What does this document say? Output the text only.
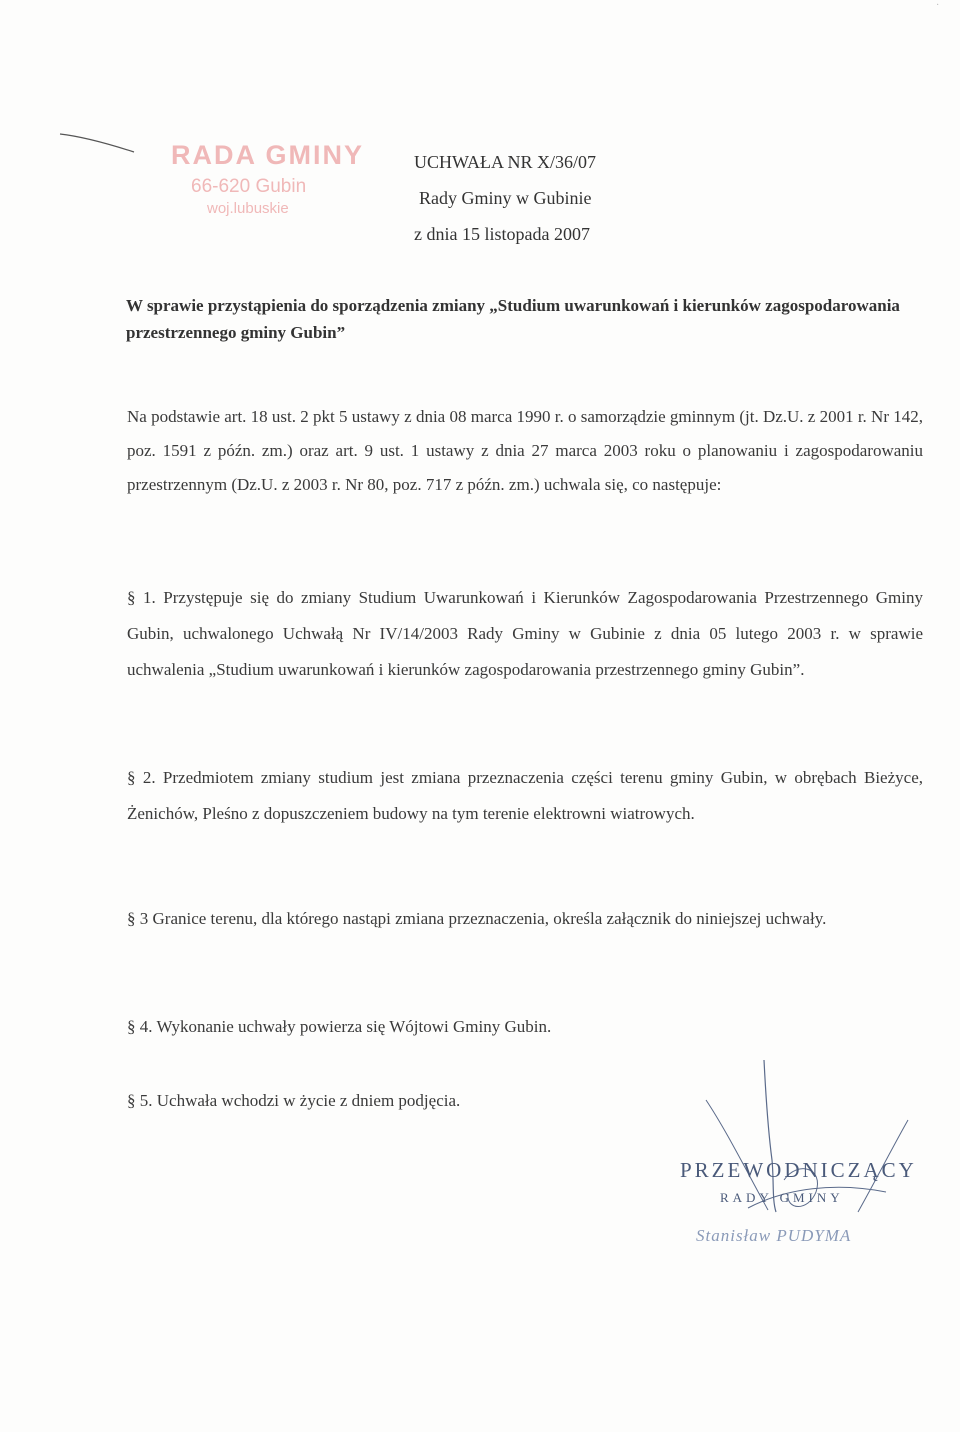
·
RADA GMINY
66-620 Gubin
woj.lubuskie
UCHWAŁA NR X/36/07
Rady Gminy w Gubinie
z dnia 15 listopada 2007
W sprawie przystąpienia do sporządzenia zmiany „Studium uwarunkowań i kierunków zagospodarowania przestrzennego gminy Gubin”
Na podstawie art. 18 ust. 2 pkt 5 ustawy z dnia 08 marca 1990 r. o samorządzie gminnym (jt. Dz.U. z 2001 r. Nr 142, poz. 1591 z późn. zm.) oraz art. 9 ust. 1 ustawy z dnia 27 marca 2003 roku o planowaniu i zagospodarowaniu przestrzennym (Dz.U. z 2003 r. Nr 80, poz. 717 z późn. zm.) uchwala się, co następuje:
§ 1. Przystępuje się do zmiany Studium Uwarunkowań i Kierunków Zagospodarowania Przestrzennego Gminy Gubin, uchwalonego Uchwałą Nr IV/14/2003 Rady Gminy w Gubinie z dnia 05 lutego 2003 r. w sprawie uchwalenia „Studium uwarunkowań i kierunków zagospodarowania przestrzennego gminy Gubin”.
§ 2. Przedmiotem zmiany studium jest zmiana przeznaczenia części terenu gminy Gubin, w obrębach Bieżyce, Żenichów, Pleśno z dopuszczeniem budowy na tym terenie elektrowni wiatrowych.
§ 3 Granice terenu, dla którego nastąpi zmiana przeznaczenia, określa załącznik do niniejszej uchwały.
§ 4. Wykonanie uchwały powierza się Wójtowi Gminy Gubin.
§ 5. Uchwała wchodzi w życie z dniem podjęcia.
PRZEWODNICZĄCY
RADY GMINY
Stanisław PUDYMA
